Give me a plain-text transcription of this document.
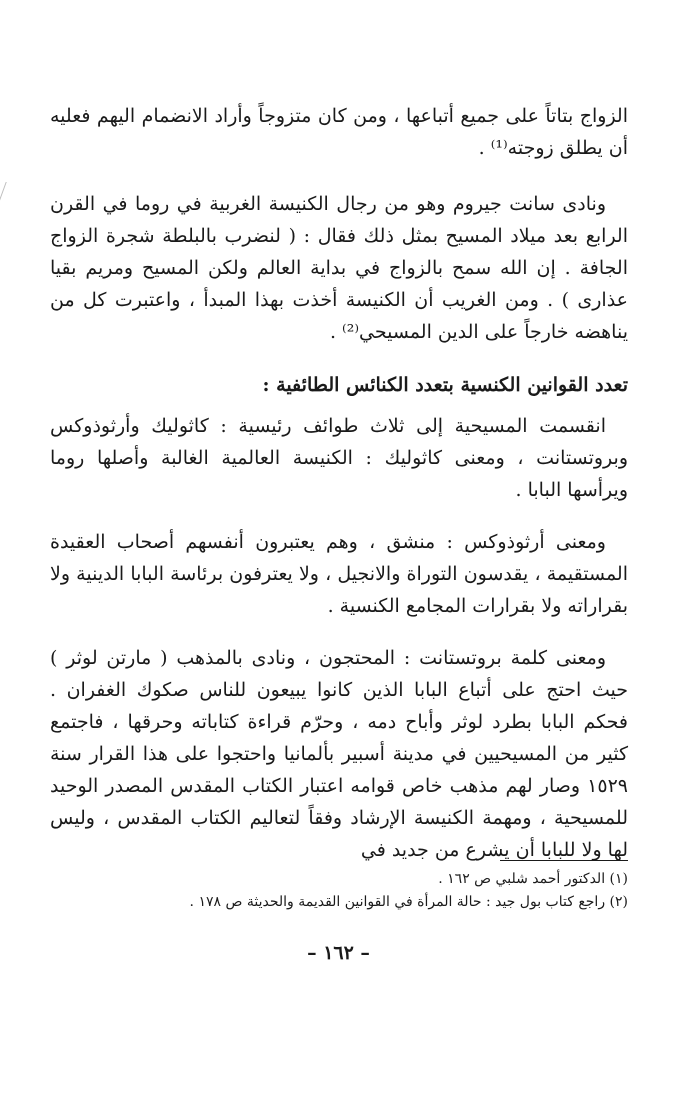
الزواج بتاتاً على جميع أتباعها ، ومن كان متزوجاً وأراد الانضمام اليهم فعليه أن يطلق زوجته⁽¹⁾ .

ونادى سانت جيروم وهو من رجال الكنيسة الغربية في روما في القرن الرابع بعد ميلاد المسيح بمثل ذلك فقال : ( لنضرب بالبلطة شجرة الزواج الجافة . إن الله سمح بالزواج في بداية العالم ولكن المسيح ومريم بقيا عذارى ) . ومن الغريب أن الكنيسة أخذت بهذا المبدأ ، واعتبرت كل من يناهضه خارجاً على الدين المسيحي⁽²⁾ .

تعدد القوانين الكنسية بتعدد الكنائس الطائفية :

انقسمت المسيحية إلى ثلاث طوائف رئيسية : كاثوليك وأرثوذوكس وبروتستانت ، ومعنى كاثوليك : الكنيسة العالمية الغالبة وأصلها روما ويرأسها البابا .

ومعنى أرثوذوكس : منشق ، وهم يعتبرون أنفسهم أصحاب العقيدة المستقيمة ، يقدسون التوراة والانجيل ، ولا يعترفون برئاسة البابا الدينية ولا بقراراته ولا بقرارات المجامع الكنسية .

ومعنى كلمة بروتستانت : المحتجون ، ونادى بالمذهب ( مارتن لوثر ) حيث احتج على أتباع البابا الذين كانوا يبيعون للناس صكوك الغفران . فحكم البابا بطرد لوثر وأباح دمه ، وحرّم قراءة كتاباته وحرقها ، فاجتمع كثير من المسيحيين في مدينة أسبير بألمانيا واحتجوا على هذا القرار سنة ١٥٢٩ وصار لهم مذهب خاص قوامه اعتبار الكتاب المقدس المصدر الوحيد للمسيحية ، ومهمة الكنيسة الإرشاد وفقاً لتعاليم الكتاب المقدس ، وليس لها ولا للبابا أن يشرع من جديد في

(١) الدكتور أحمد شلبي ص ١٦٢ .

(٢) راجع كتاب بول جيد : حالة المرأة في القوانين القديمة والحديثة ص ١٧٨ .

– ١٦٢ –
